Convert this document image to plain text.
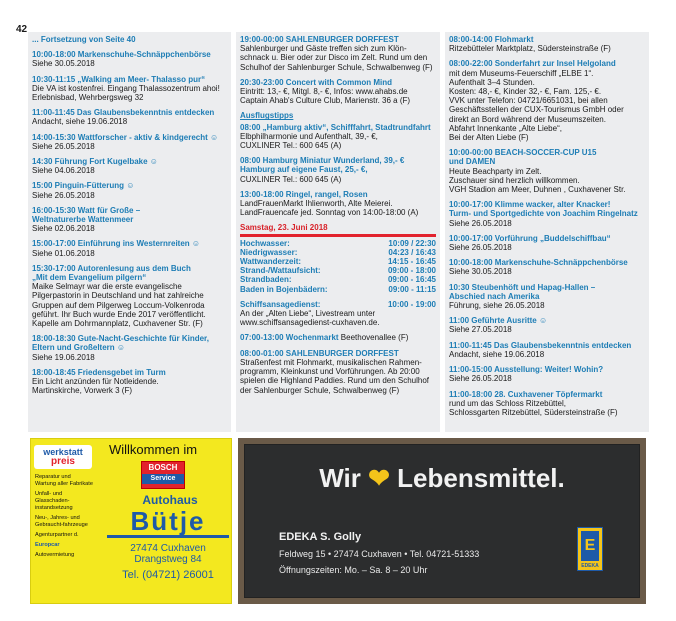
42
... Fortsetzung von Seite 40
10:00-18:00 Markenschuhe-Schnäppchenbörse
Siehe 30.05.2018
10:30-11:15 „Walking am Meer- Thalasso pur“
Die VA ist kostenfrei. Eingang Thalassozentrum ahoi!
Erlebnisbad, Wehrbergsweg 32
11:00-11:45 Das Glaubensbekenntnis entdecken
Andacht, siehe 19.06.2018
14:00-15:30 Wattforscher - aktiv & kindgerecht ☺
Siehe 26.05.2018
14:30 Führung Fort Kugelbake ☺
Siehe 04.06.2018
15:00 Pinguin-Fütterung ☺
Siehe 26.05.2018
16:00-15:30 Watt für Große –
Weltnaturerbe Wattenmeer
Siehe 02.06.2018
15:00-17:00 Einführung ins Westernreiten ☺
Siehe 01.06.2018
15:30-17:00 Autorenlesung aus dem Buch
„Mit dem Evangelium pilgern“
Maike Selmayr war die erste evangelische
Pilgerpastorin in Deutschland und hat zahlreiche
Gruppen auf dem Pilgerweg Loccum-Volkenroda
geführt. Ihr Buch wurde Ende 2017 veröffentlicht.
Kapelle am Dohrmannplatz, Cuxhavener Str. (F)
18:00-18:30 Gute-Nacht-Geschichte für Kinder,
Eltern und Großeltern ☺
Siehe 19.06.2018
18:00-18:45 Friedensgebet im Turm
Ein Licht anzünden für Notleidende.
Martinskirche, Vorwerk 3 (F)
19:00-00:00 SAHLENBURGER DORFFEST
Sahlenburger und Gäste treffen sich zum Klön-
schnack u. Bier oder zur Disco im Zelt. Rund um den
Schulhof der Sahlenburger Schule, Schwalbenweg (F)
20:30-23:00 Concert with Common Mind
Eintritt: 13,- €, Mitgl. 8,- €, Infos: www.ahabs.de
Captain Ahab's Culture Club, Marienstr. 36 a (F)
Ausflugstipps
08:00 „Hamburg aktiv“, Schifffahrt, Stadtrundfahrt
Elbphilharmonie und Aufenthalt, 39,- €,
CUXLINER Tel.: 600 645 (A)
08:00 Hamburg Miniatur Wunderland, 39,- €
Hamburg auf eigene Faust, 25,- €,
CUXLINER Tel.: 600 645 (A)
13:00-18:00 Ringel, rangel, Rosen
LandFrauenMarkt Ihlienworth, Alte Meierei.
LandFrauencafe jed. Sonntag von 14:00-18:00 (A)
Samstag, 23. Juni 2018
Hochwasser:	10:09 / 22:30
Niedrigwasser:	04:23 / 16:43
Wattwanderzeit:	14:15 - 16:45
Strand-/Wattaufsicht:	09:00 - 18:00
Strandbaden:	09:00 - 16:45
Baden in Bojenbädern:	09:00 - 11:15
Schiffsansagedienst:	10:00 - 19:00
An der „Alten Liebe“, Livestream unter
www.schiffsansagedienst-cuxhaven.de.
07:00-13:00 Wochenmarkt Beethovenallee (F)
08:00-01:00 SAHLENBURGER DORFFEST
Straßenfest mit Flohmarkt, musikalischen Rahmen-
programm, Kleinkunst und Vorführungen. Ab 20:00
spielen die Highland Paddies. Rund um den Schulhof
der Sahlenburger Schule, Schwalbenweg (F)
08:00-14:00 Flohmarkt
Ritzebütteler Marktplatz, Südersteinstraße (F)
08:00-22:00 Sonderfahrt zur Insel Helgoland
mit dem Museums-Feuerschiff „ELBE 1“.
Aufenthalt 3–4 Stunden.
Kosten: 48,- €, Kinder 32,- €, Fam. 125,- €.
VVK unter Telefon: 04721/6651031, bei allen
Geschäftsstellen der CUX-Tourismus GmbH oder
direkt an Bord während der Museumszeiten.
Abfahrt Innenkante „Alte Liebe“,
Bei der Alten Liebe (F)
10:00-00:00 BEACH-SOCCER-CUP U15
und DAMEN
Heute Beachparty im Zelt.
Zuschauer sind herzlich willkommen.
VGH Stadion am Meer, Duhnen , Cuxhavener Str.
10:00-17:00 Klimme wacker, alter Knacker!
Turm- und Sportgedichte von Joachim Ringelnatz
Siehe 26.05.2018
10:00-17:00 Vorführung „Buddelschiffbau“
Siehe 26.05.2018
10:00-18:00 Markenschuhe-Schnäppchenbörse
Siehe 30.05.2018
10:30 Steubenhöft und Hapag-Hallen –
Abschied nach Amerika
Führung, siehe 26.05.2018
11:00 Geführte Ausritte ☺
Siehe 27.05.2018
11:00-11:45 Das Glaubensbekenntnis entdecken
Andacht, siehe 19.06.2018
11:00-15:00 Ausstellung: Weiter! Wohin?
Siehe 26.05.2018
11:00-18:00 28. Cuxhavener Töpfermarkt
rund um das Schloss Ritzebüttel,
Schlossgarten Ritzebüttel, Südersteinstraße (F)
werkstatt
preis
Willkommen im
Reparatur und Wartung aller Fabrikate
Unfall- und Glasschaden-instandsetzung
Neu-, Jahres- und Gebraucht-fahrzeuge
Agenturpartner d.
Europcar
Autovermietung
BOSCH
Service
Autohaus
Bütje
27474 Cuxhaven
Drangstweg 84
Tel. (04721) 26001
Wir ❤ Lebensmittel.
EDEKA S. Golly
Feldweg 15 • 27474 Cuxhaven • Tel. 04721-51333
Öffnungszeiten: Mo. – Sa. 8 – 20 Uhr
E
EDEKA
